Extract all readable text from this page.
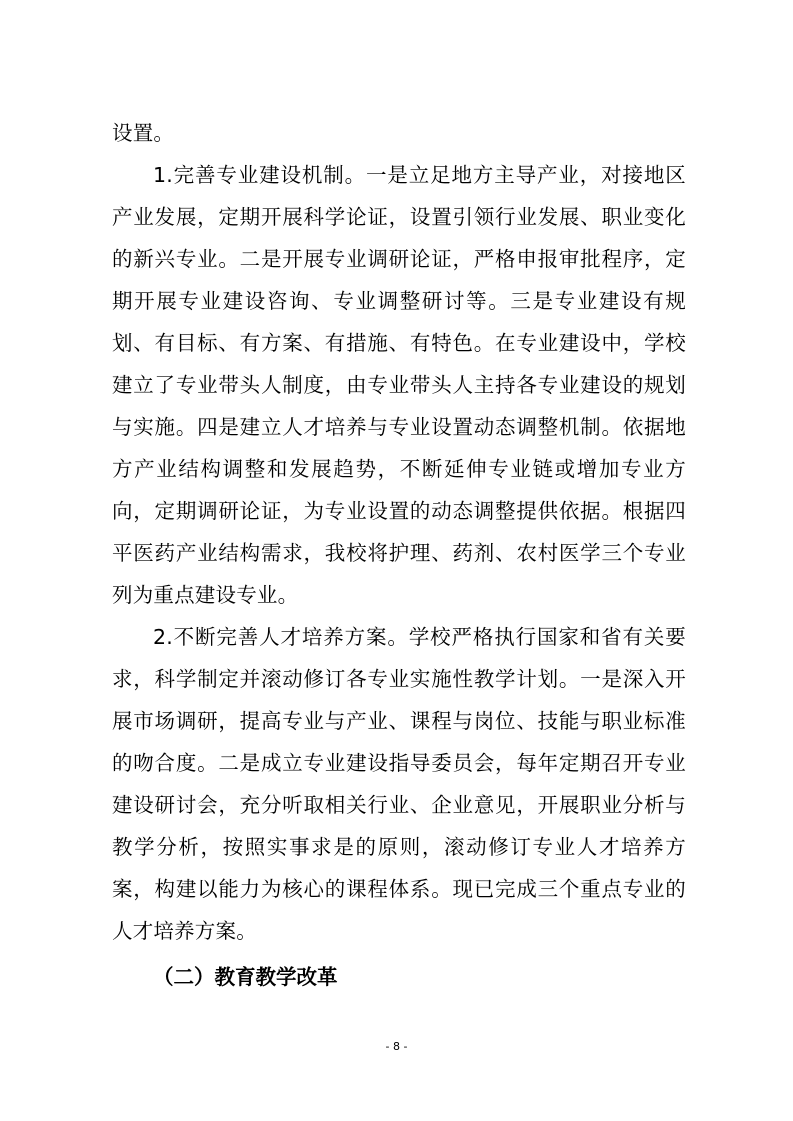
设置。

1.完善专业建设机制。一是立足地方主导产业，对接地区产业发展，定期开展科学论证，设置引领行业发展、职业变化的新兴专业。二是开展专业调研论证，严格申报审批程序，定期开展专业建设咨询、专业调整研讨等。三是专业建设有规划、有目标、有方案、有措施、有特色。在专业建设中，学校建立了专业带头人制度，由专业带头人主持各专业建设的规划与实施。四是建立人才培养与专业设置动态调整机制。依据地方产业结构调整和发展趋势，不断延伸专业链或增加专业方向，定期调研论证，为专业设置的动态调整提供依据。根据四平医药产业结构需求，我校将护理、药剂、农村医学三个专业列为重点建设专业。

2.不断完善人才培养方案。学校严格执行国家和省有关要求，科学制定并滚动修订各专业实施性教学计划。一是深入开展市场调研，提高专业与产业、课程与岗位、技能与职业标准的吻合度。二是成立专业建设指导委员会，每年定期召开专业建设研讨会，充分听取相关行业、企业意见，开展职业分析与教学分析，按照实事求是的原则，滚动修订专业人才培养方案，构建以能力为核心的课程体系。现已完成三个重点专业的人才培养方案。

（二）教育教学改革
- 8 -
